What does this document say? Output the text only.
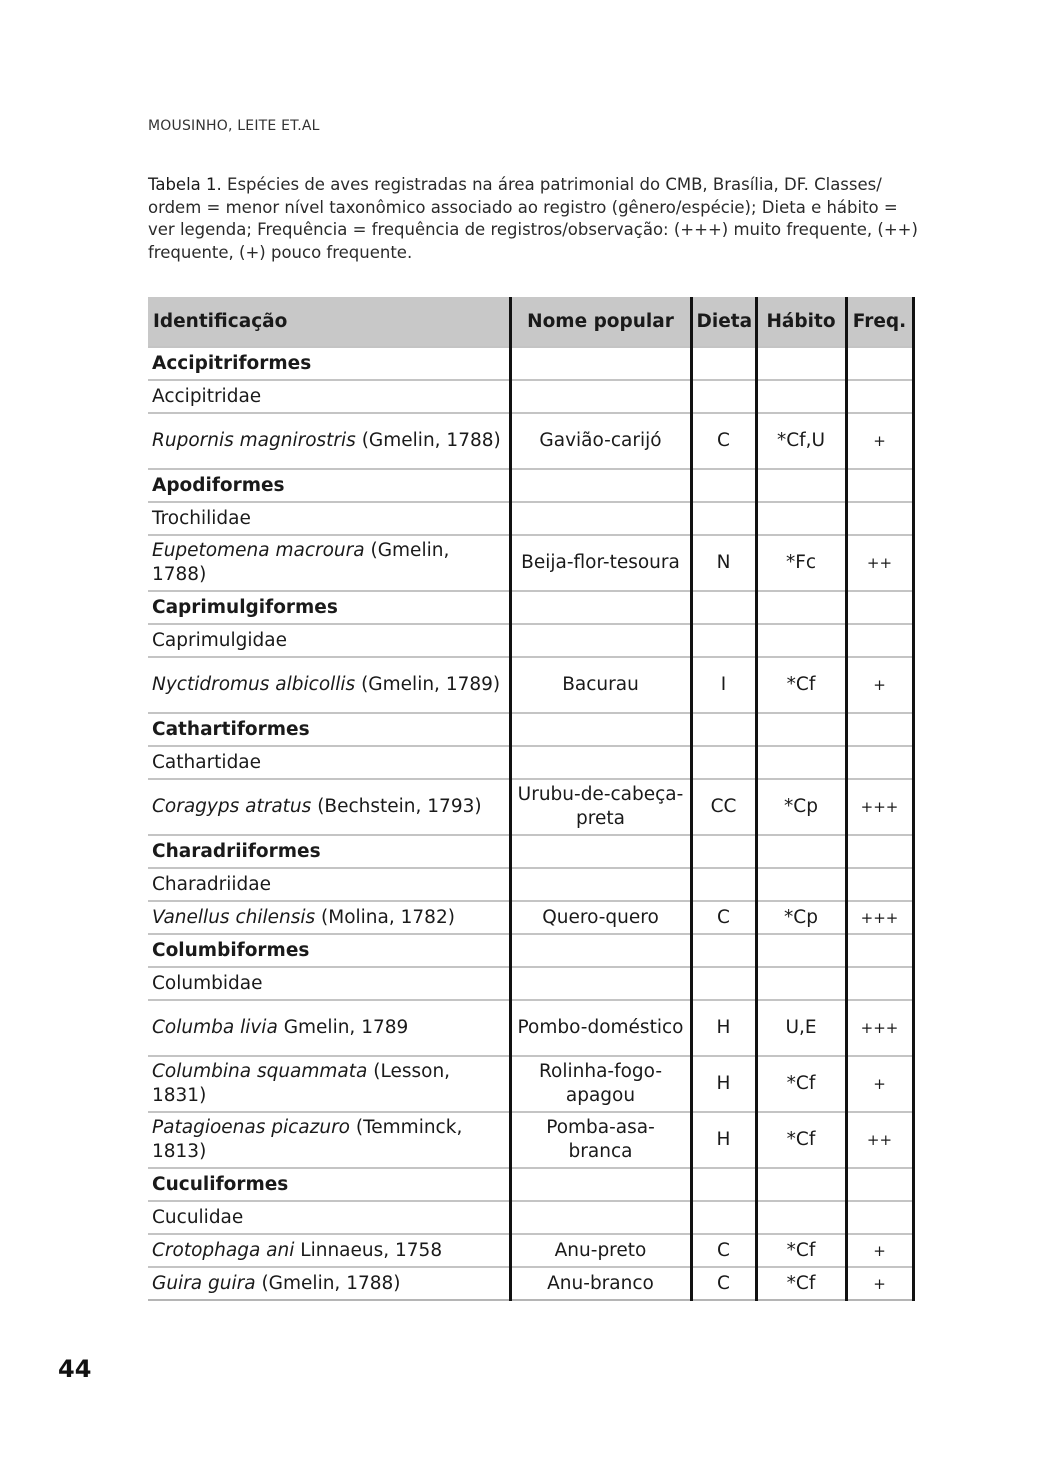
MOUSINHO, LEITE ET.AL
Tabela 1. Espécies de aves registradas na área patrimonial do CMB, Brasília, DF. Classes/ ordem = menor nível taxonômico associado ao registro (gênero/espécie); Dieta e hábito = ver legenda; Frequência = frequência de registros/observação: (+++) muito frequente, (++) frequente, (+) pouco frequente.
Identificação	Nome popular	Dieta	Hábito	Freq.
Accipitriformes				
Accipitridae				
Rupornis magnirostris (Gmelin, 1788)	Gavião-carijó	C	*Cf,U	+
Apodiformes				
Trochilidae				
Eupetomena macroura (Gmelin, 1788)	Beija-flor-tesoura	N	*Fc	++
Caprimulgiformes				
Caprimulgidae				
Nyctidromus albicollis (Gmelin, 1789)	Bacurau	I	*Cf	+
Cathartiformes				
Cathartidae				
Coragyps atratus (Bechstein, 1793)	Urubu-de-cabeça-preta	CC	*Cp	+++
Charadriiformes				
Charadriidae				
Vanellus chilensis (Molina, 1782)	Quero-quero	C	*Cp	+++
Columbiformes				
Columbidae				
Columba livia Gmelin, 1789	Pombo-doméstico	H	U,E	+++
Columbina squammata (Lesson, 1831)	Rolinha-fogo-apagou	H	*Cf	+
Patagioenas picazuro (Temminck, 1813)	Pomba-asa-branca	H	*Cf	++
Cuculiformes				
Cuculidae				
Crotophaga ani Linnaeus, 1758	Anu-preto	C	*Cf	+
Guira guira (Gmelin, 1788)	Anu-branco	C	*Cf	+
44
